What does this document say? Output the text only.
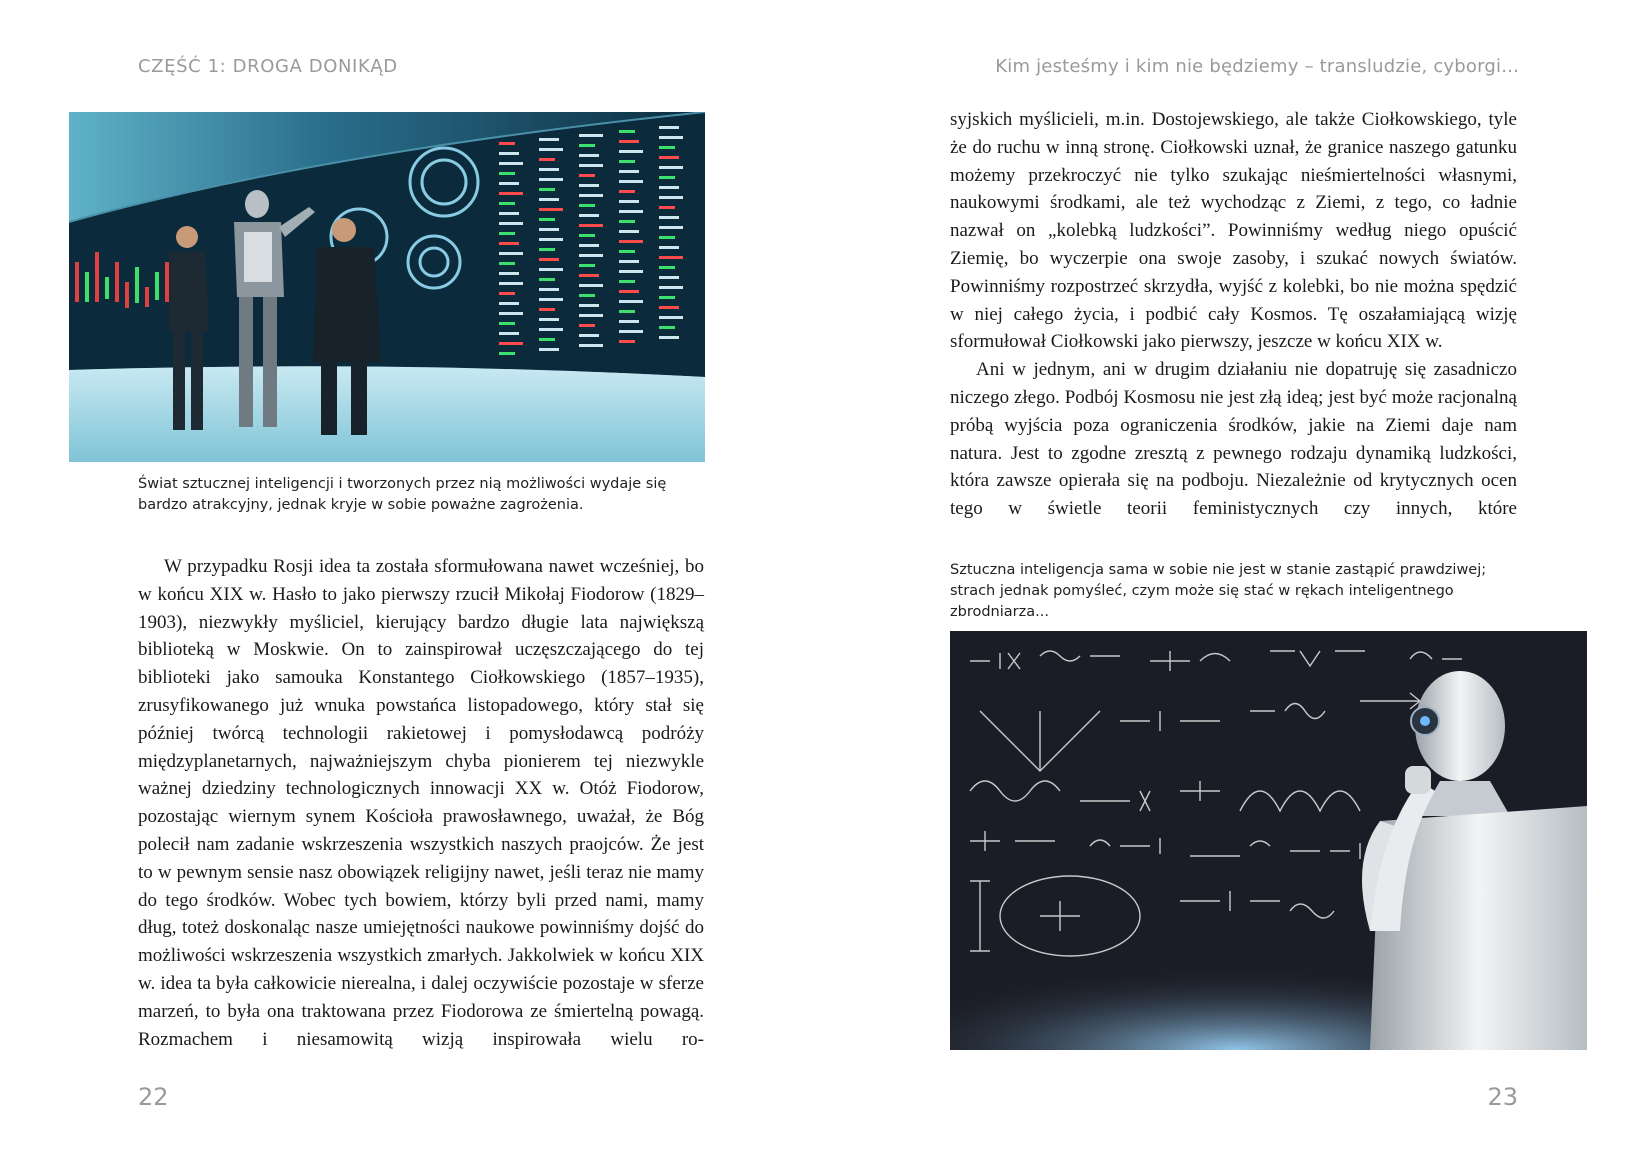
CZĘŚĆ 1: DROGA DONIKĄD	Kim jesteśmy i kim nie będziemy – transludzie, cyborgi...
Świat sztucznej inteligencji i tworzonych przez nią możliwości wydaje się bardzo atrakcyjny, jednak kryje w sobie poważne zagrożenia.

W przypadku Rosji idea ta została sformułowana nawet wcześniej, bo w końcu XIX w. Hasło to jako pierwszy rzucił Mikołaj Fiodorow (1829–1903), niezwykły myśliciel, kierujący bardzo długie lata największą biblioteką w Moskwie. On to zainspirował uczęszczającego do tej biblioteki jako samouka Konstantego Ciołkowskiego (1857–1935), zrusyfikowanego już wnuka powstańca listopadowego, który stał się później twórcą technologii rakietowej i pomysłodawcą podróży międzyplanetarnych, najważniejszym chyba pionierem tej niezwykle ważnej dziedziny technologicznych innowacji XX w. Otóż Fiodorow, pozostając wiernym synem Kościoła prawosławnego, uważał, że Bóg polecił nam zadanie wskrzeszenia wszystkich naszych praojców. Że jest to w pewnym sensie nasz obowiązek religijny nawet, jeśli teraz nie mamy do tego środków. Wobec tych bowiem, którzy byli przed nami, mamy dług, toteż doskonaląc nasze umiejętności naukowe powinniśmy dojść do możliwości wskrzeszenia wszystkich zmarłych. Jakkolwiek w końcu XIX w. idea ta była całkowicie nierealna, i dalej oczywiście pozostaje w sferze marzeń, to była ona traktowana przez Fiodorowa ze śmiertelną powagą. Rozmachem i niesamowitą wizją inspirowała wielu ro-

syjskich myślicieli, m.in. Dostojewskiego, ale także Ciołkowskiego, tyle że do ruchu w inną stronę. Ciołkowski uznał, że granice naszego gatunku możemy przekroczyć nie tylko szukając nieśmiertelności własnymi, naukowymi środkami, ale też wychodząc z Ziemi, z tego, co ładnie nazwał on „kolebką ludzkości”. Powinniśmy według niego opuścić Ziemię, bo wyczerpie ona swoje zasoby, i szukać nowych światów. Powinniśmy rozpostrzeć skrzydła, wyjść z kolebki, bo nie można spędzić w niej całego życia, i podbić cały Kosmos. Tę oszałamiającą wizję sformułował Ciołkowski jako pierwszy, jeszcze w końcu XIX w.

Ani w jednym, ani w drugim działaniu nie dopatruję się zasadniczo niczego złego. Podbój Kosmosu nie jest złą ideą; jest być może racjonalną próbą wyjścia poza ograniczenia środków, jakie na Ziemi daje nam natura. Jest to zgodne zresztą z pewnego rodzaju dynamiką ludzkości, która zawsze opierała się na podboju. Niezależnie od krytycznych ocen tego w świetle teorii feministycznych czy innych, które

Sztuczna inteligencja sama w sobie nie jest w stanie zastąpić prawdziwej; strach jednak pomyśleć, czym może się stać w rękach inteligentnego zbrodniarza...
22	23
